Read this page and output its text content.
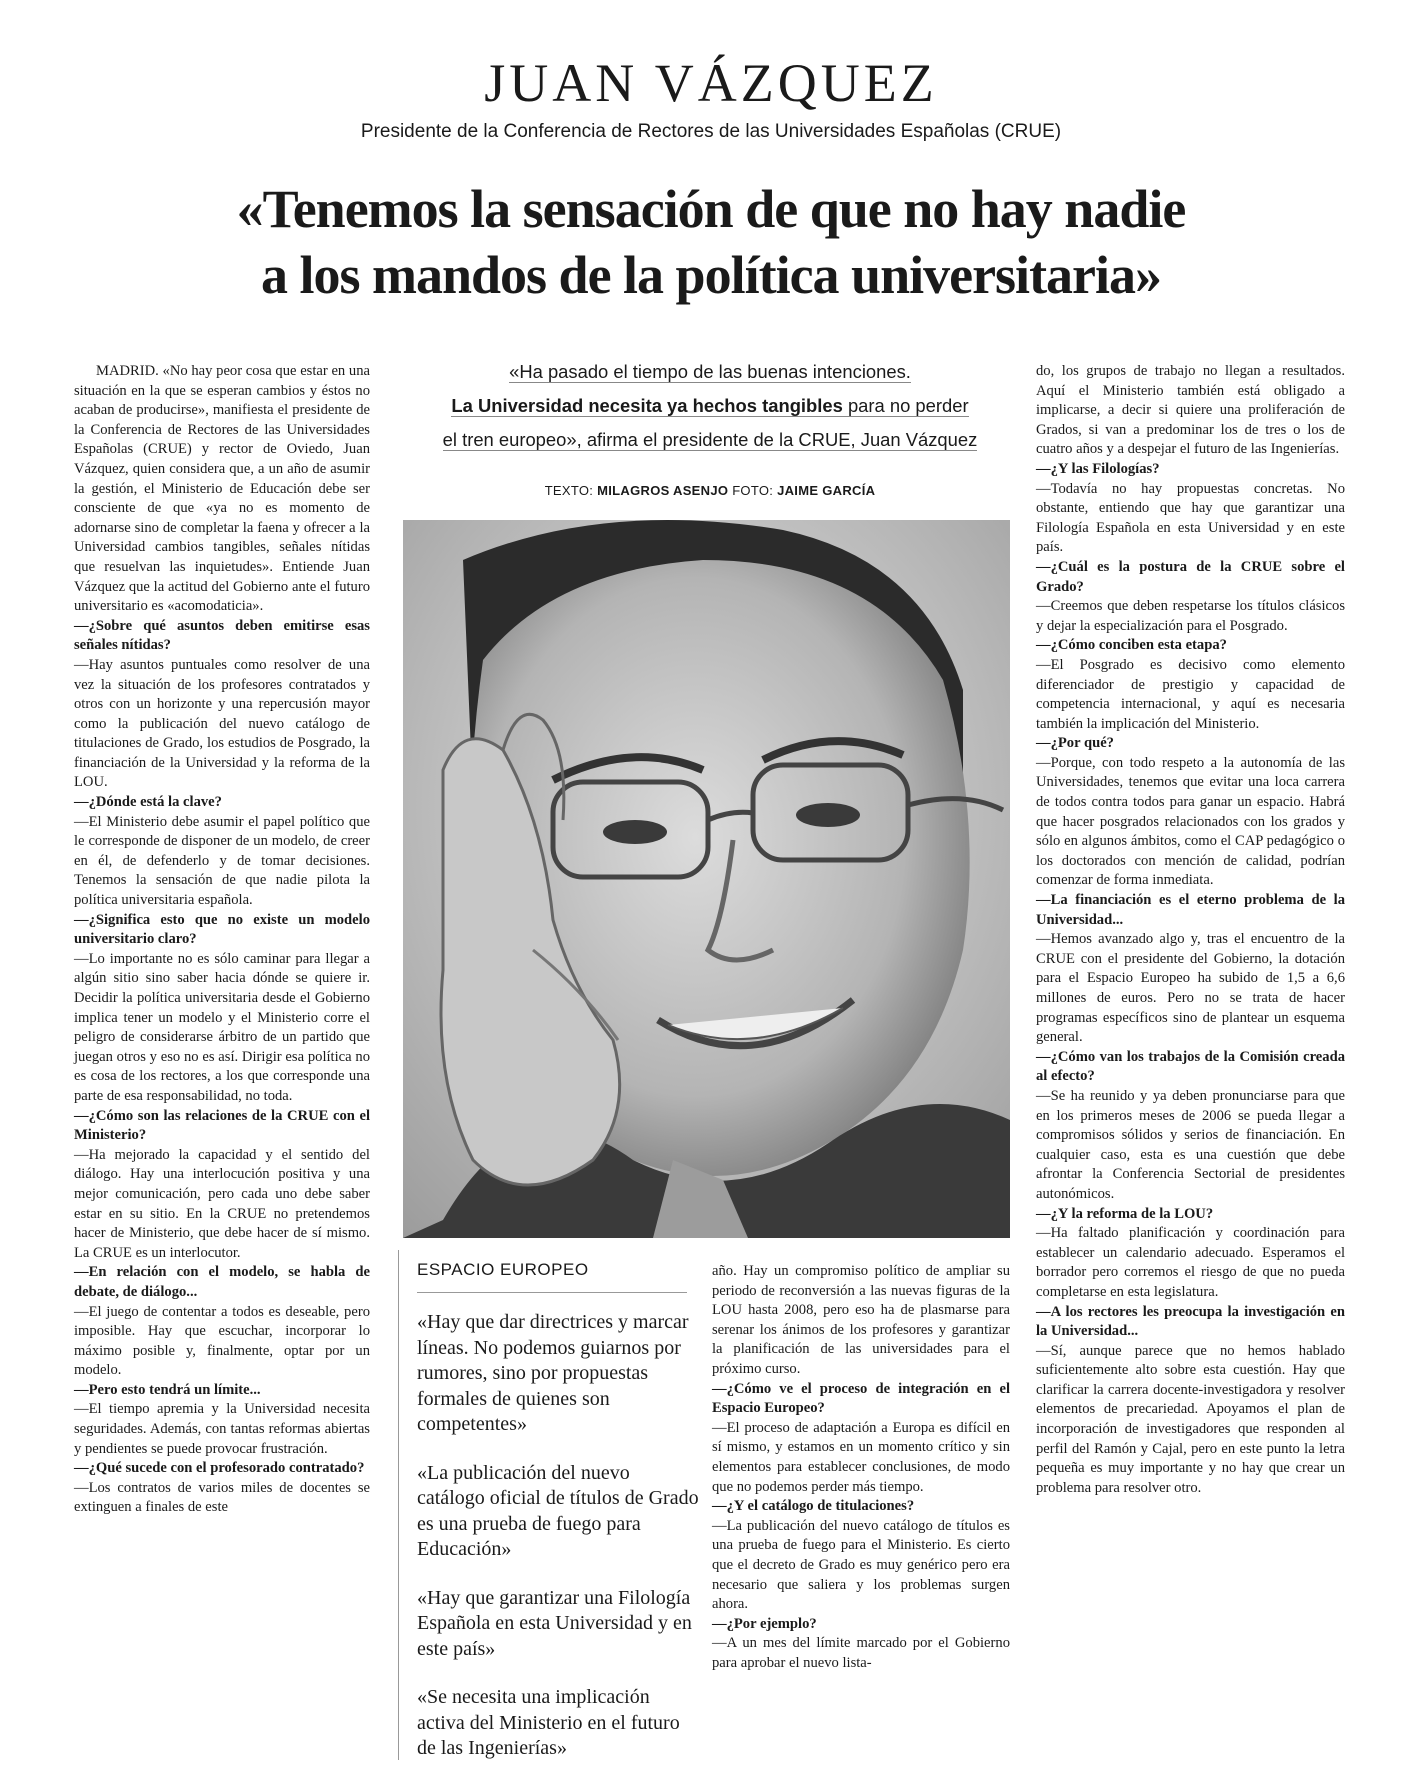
JUAN VÁZQUEZ
Presidente de la Conferencia de Rectores de las Universidades Españolas (CRUE)
«Tenemos la sensación de que no hay nadie
a los mandos de la política universitaria»

MADRID. «No hay peor cosa que estar en una situación en la que se esperan cambios y éstos no acaban de producirse», manifiesta el presidente de la Conferencia de Rectores de las Universidades Españolas (CRUE) y rector de Oviedo, Juan Vázquez, quien considera que, a un año de asumir la gestión, el Ministerio de Educación debe ser consciente de que «ya no es momento de adornarse sino de completar la faena y ofrecer a la Universidad cambios tangibles, señales nítidas que resuelvan las inquietudes». Entiende Juan Vázquez que la actitud del Gobierno ante el futuro universitario es «acomodaticia».

—¿Sobre qué asuntos deben emitirse esas señales nítidas?

—Hay asuntos puntuales como resolver de una vez la situación de los profesores contratados y otros con un horizonte y una repercusión mayor como la publicación del nuevo catálogo de titulaciones de Grado, los estudios de Posgrado, la financiación de la Universidad y la reforma de la LOU.

—¿Dónde está la clave?

—El Ministerio debe asumir el papel político que le corresponde de disponer de un modelo, de creer en él, de defenderlo y de tomar decisiones. Tenemos la sensación de que nadie pilota la política universitaria española.

—¿Significa esto que no existe un modelo universitario claro?

—Lo importante no es sólo caminar para llegar a algún sitio sino saber hacia dónde se quiere ir. Decidir la política universitaria desde el Gobierno implica tener un modelo y el Ministerio corre el peligro de considerarse árbitro de un partido que juegan otros y eso no es así. Dirigir esa política no es cosa de los rectores, a los que corresponde una parte de esa responsabilidad, no toda.

—¿Cómo son las relaciones de la CRUE con el Ministerio?

—Ha mejorado la capacidad y el sentido del diálogo. Hay una interlocución positiva y una mejor comunicación, pero cada uno debe saber estar en su sitio. En la CRUE no pretendemos hacer de Ministerio, que debe hacer de sí mismo. La CRUE es un interlocutor.

—En relación con el modelo, se habla de debate, de diálogo...

—El juego de contentar a todos es deseable, pero imposible. Hay que escuchar, incorporar lo máximo posible y, finalmente, optar por un modelo.

—Pero esto tendrá un límite...

—El tiempo apremia y la Universidad necesita seguridades. Además, con tantas reformas abiertas y pendientes se puede provocar frustración.

—¿Qué sucede con el profesorado contratado?

—Los contratos de varios miles de docentes se extinguen a finales de este

«Ha pasado el tiempo de las buenas intenciones.
La Universidad necesita ya hechos tangibles para no perder
el tren europeo», afirma el presidente de la CRUE, Juan Vázquez
TEXTO: MILAGROS ASENJO FOTO: JAIME GARCÍA
ESPACIO EUROPEO

«Hay que dar directrices y marcar líneas. No podemos guiarnos por rumores, sino por propuestas formales de quienes son competentes»

«La publicación del nuevo catálogo oficial de títulos de Grado es una prueba de fuego para Educación»

«Hay que garantizar una Filología Española en esta Universidad y en este país»

«Se necesita una implicación activa del Ministerio en el futuro de las Ingenierías»

año. Hay un compromiso político de ampliar su periodo de reconversión a las nuevas figuras de la LOU hasta 2008, pero eso ha de plasmarse para serenar los ánimos de los profesores y garantizar la planificación de las universidades para el próximo curso.

—¿Cómo ve el proceso de integración en el Espacio Europeo?

—El proceso de adaptación a Europa es difícil en sí mismo, y estamos en un momento crítico y sin elementos para establecer conclusiones, de modo que no podemos perder más tiempo.

—¿Y el catálogo de titulaciones?

—La publicación del nuevo catálogo de títulos es una prueba de fuego para el Ministerio. Es cierto que el decreto de Grado es muy genérico pero era necesario que saliera y los problemas surgen ahora.

—¿Por ejemplo?

—A un mes del límite marcado por el Gobierno para aprobar el nuevo lista-

do, los grupos de trabajo no llegan a resultados. Aquí el Ministerio también está obligado a implicarse, a decir si quiere una proliferación de Grados, si van a predominar los de tres o los de cuatro años y a despejar el futuro de las Ingenierías.

—¿Y las Filologías?

—Todavía no hay propuestas concretas. No obstante, entiendo que hay que garantizar una Filología Española en esta Universidad y en este país.

—¿Cuál es la postura de la CRUE sobre el Grado?

—Creemos que deben respetarse los títulos clásicos y dejar la especialización para el Posgrado.

—¿Cómo conciben esta etapa?

—El Posgrado es decisivo como elemento diferenciador de prestigio y capacidad de competencia internacional, y aquí es necesaria también la implicación del Ministerio.

—¿Por qué?

—Porque, con todo respeto a la autonomía de las Universidades, tenemos que evitar una loca carrera de todos contra todos para ganar un espacio. Habrá que hacer posgrados relacionados con los grados y sólo en algunos ámbitos, como el CAP pedagógico o los doctorados con mención de calidad, podrían comenzar de forma inmediata.

—La financiación es el eterno problema de la Universidad...

—Hemos avanzado algo y, tras el encuentro de la CRUE con el presidente del Gobierno, la dotación para el Espacio Europeo ha subido de 1,5 a 6,6 millones de euros. Pero no se trata de hacer programas específicos sino de plantear un esquema general.

—¿Cómo van los trabajos de la Comisión creada al efecto?

—Se ha reunido y ya deben pronunciarse para que en los primeros meses de 2006 se pueda llegar a compromisos sólidos y serios de financiación. En cualquier caso, esta es una cuestión que debe afrontar la Conferencia Sectorial de presidentes autonómicos.

—¿Y la reforma de la LOU?

—Ha faltado planificación y coordinación para establecer un calendario adecuado. Esperamos el borrador pero corremos el riesgo de que no pueda completarse en esta legislatura.

—A los rectores les preocupa la investigación en la Universidad...

—Sí, aunque parece que no hemos hablado suficientemente alto sobre esta cuestión. Hay que clarificar la carrera docente-investigadora y resolver elementos de precariedad. Apoyamos el plan de incorporación de investigadores que responden al perfil del Ramón y Cajal, pero en este punto la letra pequeña es muy importante y no hay que crear un problema para resolver otro.
